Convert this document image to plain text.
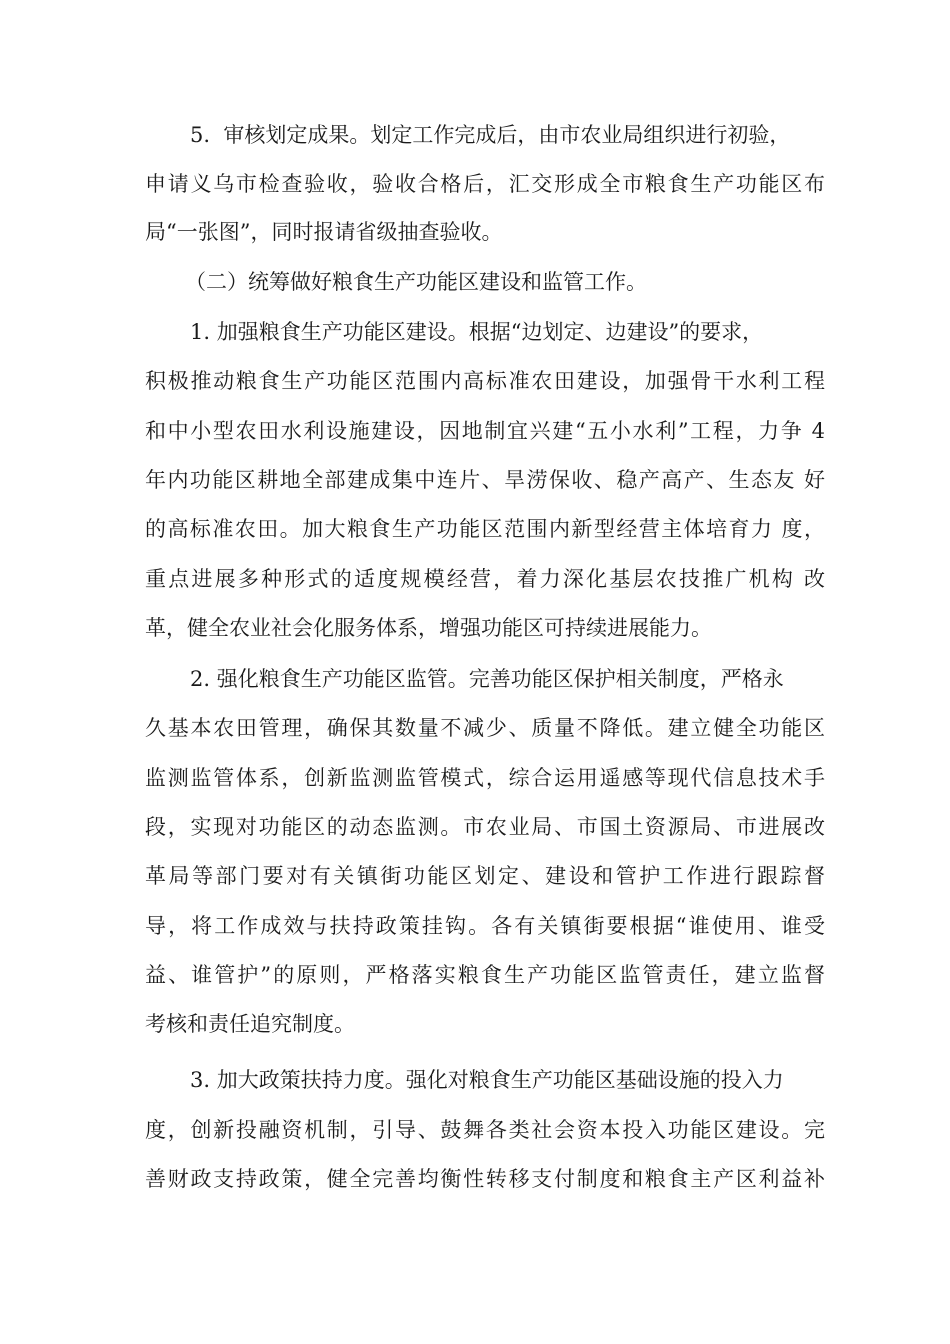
5.  审核划定成果。划定工作完成后，由市农业局组织进行初验，
申请义乌市检查验收，验收合格后，汇交形成全市粮食生产功能区布
局“一张图”，同时报请省级抽查验收。
（二）统筹做好粮食生产功能区建设和监管工作。
1. 加强粮食生产功能区建设。根据“边划定、边建设”的要求，
积极推动粮食生产功能区范围内高标准农田建设，加强骨干水利工程
和中小型农田水利设施建设，因地制宜兴建“五小水利”工程，力争 4
年内功能区耕地全部建成集中连片、旱涝保收、稳产高产、生态友 好
的高标准农田。加大粮食生产功能区范围内新型经营主体培育力 度，
重点进展多种形式的适度规模经营，着力深化基层农技推广机构 改
革，健全农业社会化服务体系，增强功能区可持续进展能力。
2. 强化粮食生产功能区监管。完善功能区保护相关制度，严格永
久基本农田管理，确保其数量不减少、质量不降低。建立健全功能区
监测监管体系，创新监测监管模式，综合运用遥感等现代信息技术手
段，实现对功能区的动态监测。市农业局、市国土资源局、市进展改
革局等部门要对有关镇街功能区划定、建设和管护工作进行跟踪督
导，将工作成效与扶持政策挂钩。各有关镇街要根据“谁使用、谁受
益、谁管护”的原则，严格落实粮食生产功能区监管责任，建立监督
考核和责任追究制度。
3. 加大政策扶持力度。强化对粮食生产功能区基础设施的投入力
度，创新投融资机制，引导、鼓舞各类社会资本投入功能区建设。完
善财政支持政策，健全完善均衡性转移支付制度和粮食主产区利益补
